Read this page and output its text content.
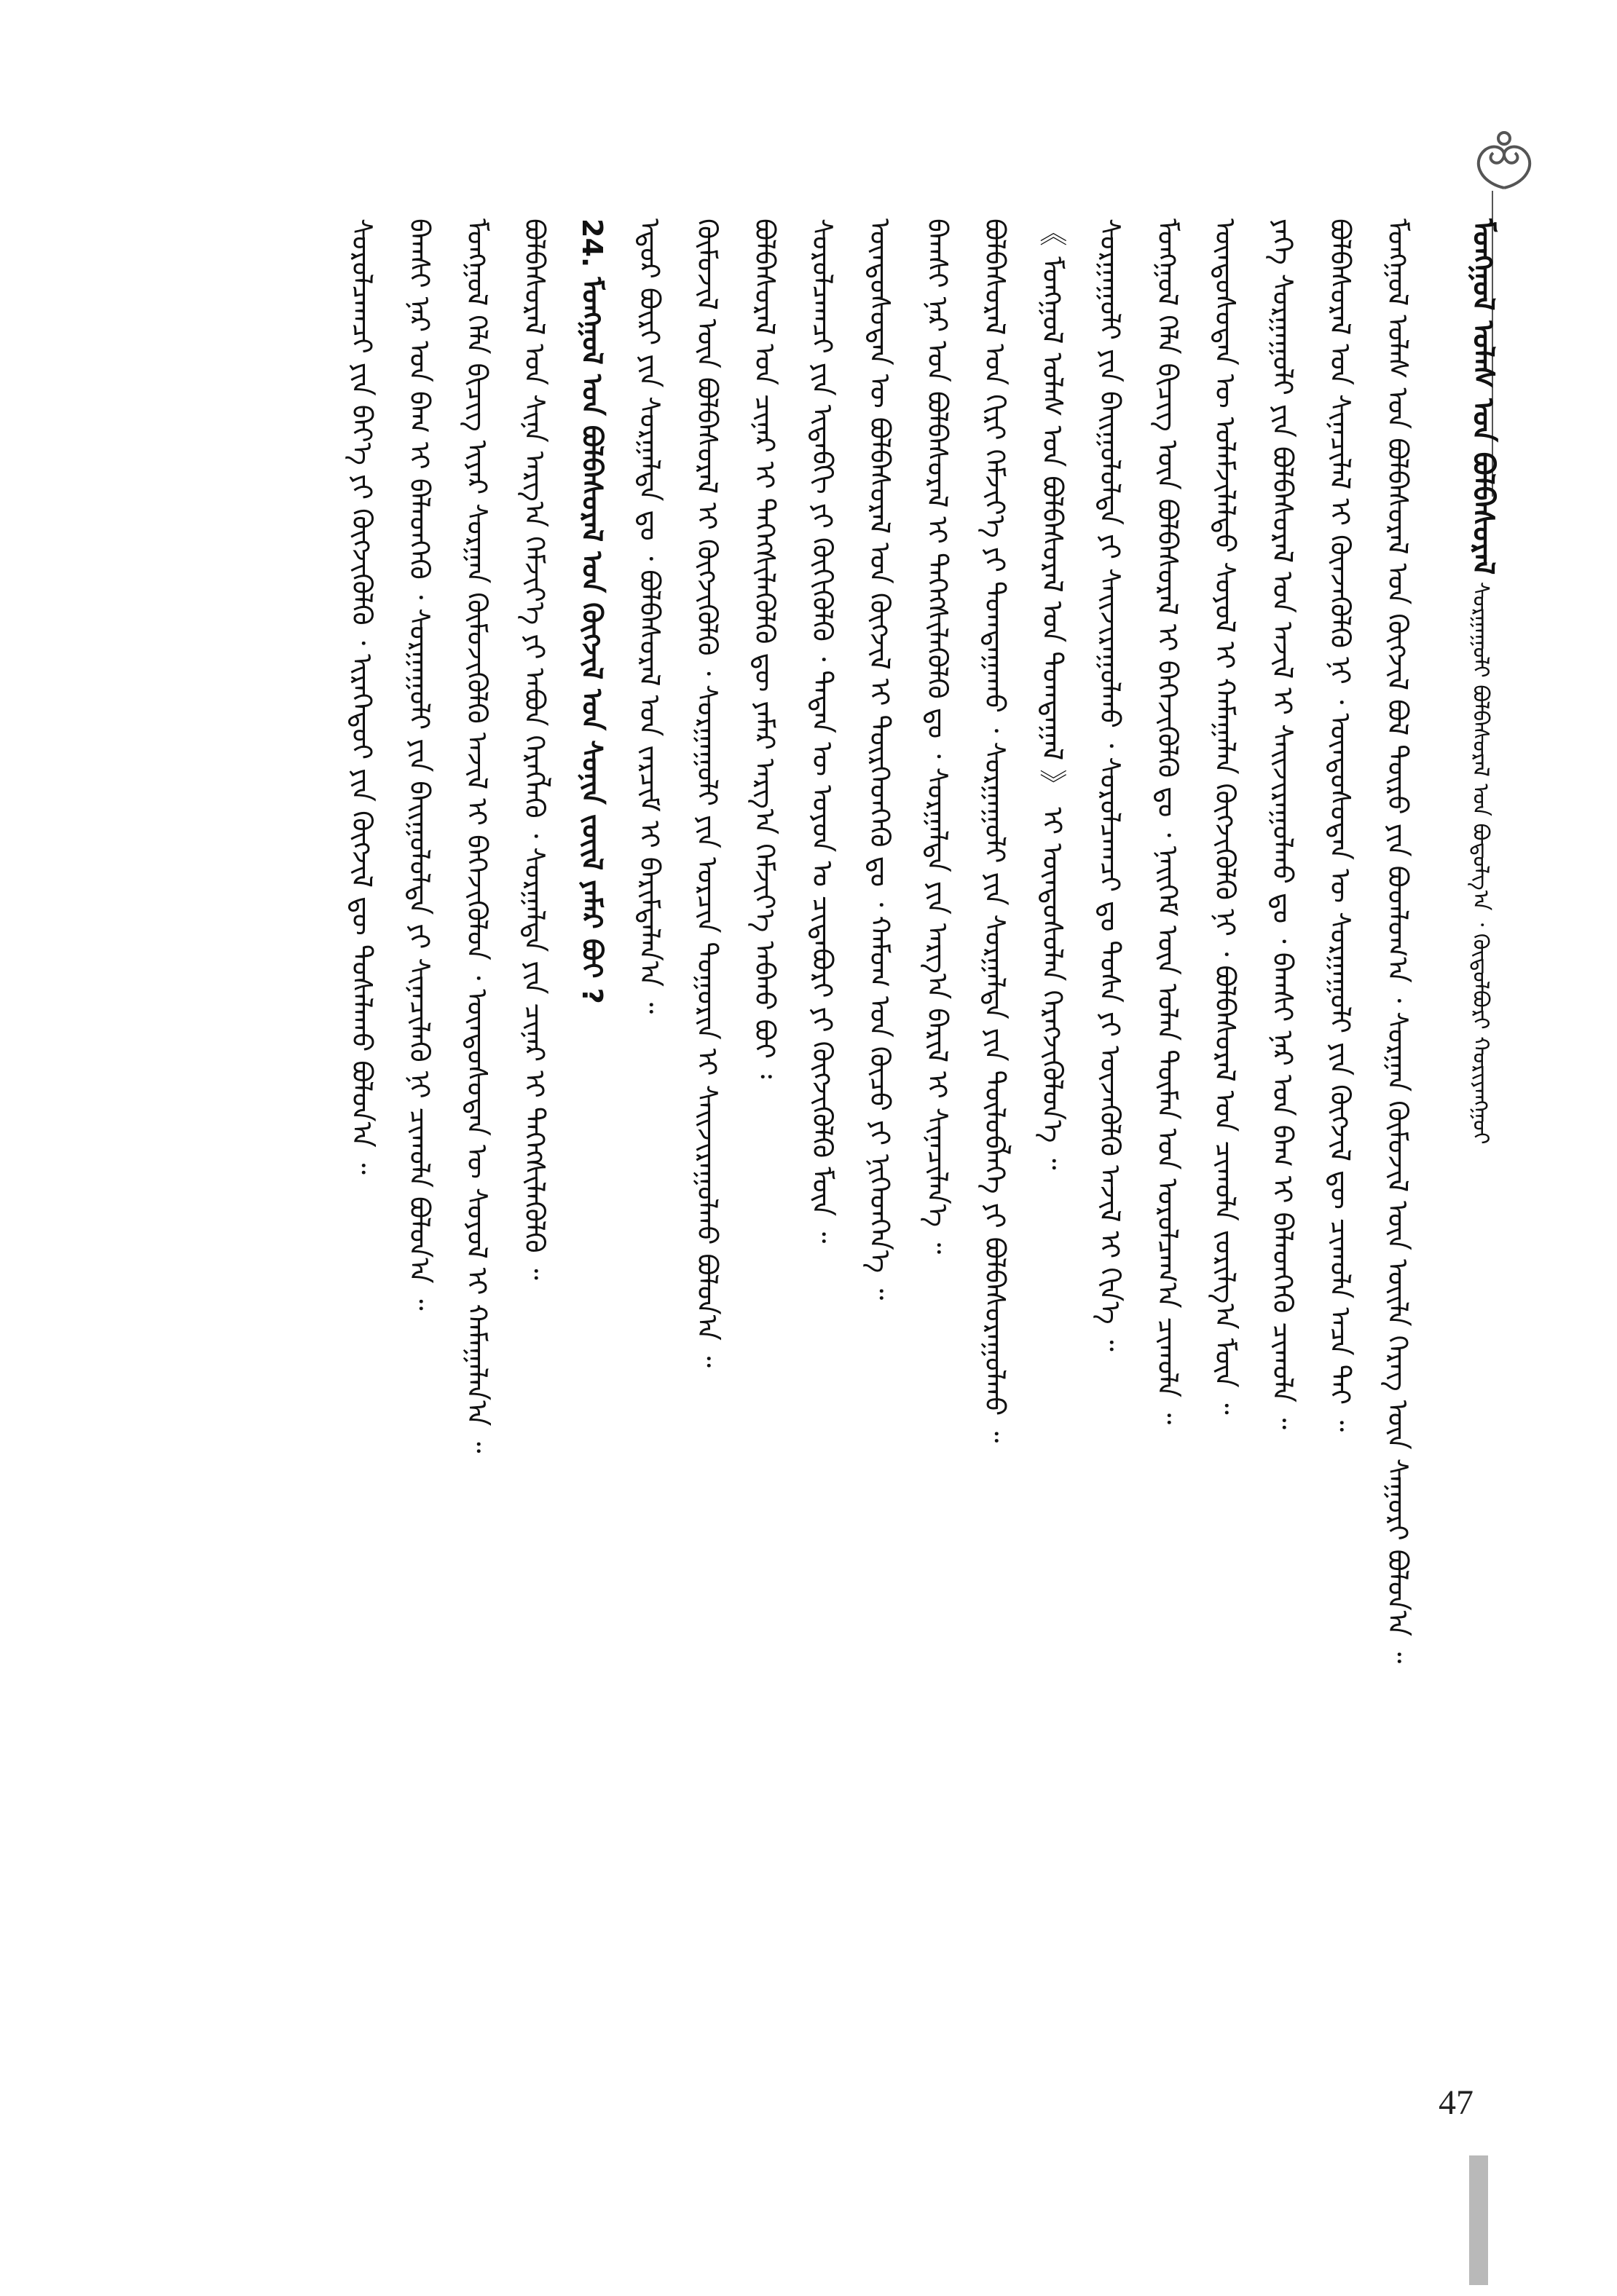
ᠮᠣᠩᠭᠣᠯ ᠤᠯᠠᠰ ᠤᠨ ᠪᠣᠯᠪᠠᠰᠤᠷᠠᠯ ᠰᠤᠷᠭᠠᠭᠤᠯᠢ ᠪᠣᠯᠪᠠᠰᠤᠷᠠᠯ ᠤᠨ ᠪᠤᠳᠤᠯᠭ᠎ᠠ ᠂ ᠬᠥᠲᠦᠯᠪᠦᠷᠢ ᠬᠤᠷᠢᠶᠠᠩᠭᠤᠢ
ᠮᠣᠩᠭᠣᠯ ᠤᠯᠠᠰ ᠤᠨ ᠪᠣᠯᠪᠠᠰᠤᠷᠠᠯ ᠤᠨ ᠬᠥᠭᠵᠢᠯ ᠪᠣᠯ ᠲᠥᠷᠦ ᠶᠢᠨ ᠪᠣᠳᠯᠣᠭ᠎ᠠ ᠂ ᠰᠤᠷᠭᠠᠨ ᠬᠦᠮᠦᠵᠢᠯ ᠦᠨ ᠦᠢᠯᠡ ᠬᠡᠷᠡᠭ ᠦᠨ ᠰᠠᠭᠤᠷᠢ ᠪᠣᠯᠤᠨ᠎ᠠ ᠃
ᠪᠣᠯᠪᠠᠰᠤᠷᠠᠯ ᠤᠨ ᠰᠢᠨᠡᠴᠢᠯᠡᠯ ᠢ ᠭᠦᠨᠵᠡᠭᠦᠯᠬᠦ ᠨᠢ ᠂ ᠦᠨᠳᠦᠰᠦᠲᠡᠨ ᠦ ᠰᠤᠷᠭᠠᠭᠤᠯᠢ ᠶᠢᠨ ᠬᠥᠭᠵᠢᠯ ᠳᠦ ᠴᠢᠬᠤᠯᠠ ᠠᠴᠠ ᠲᠠᠢ ᠃
ᠶᠡᠬᠡ ᠰᠤᠷᠭᠠᠭᠤᠯᠢ ᠶᠢᠨ ᠪᠣᠯᠪᠠᠰᠤᠷᠠᠯ ᠤᠨ ᠠᠵᠢᠯ ᠢ ᠰᠠᠢᠵᠢᠷᠠᠭᠤᠯᠬᠤ ᠳᠤ ᠂ ᠪᠠᠭᠰᠢ ᠨᠠᠷ ᠤᠨ ᠪᠠᠭ ᠢ ᠪᠡᠯᠡᠳᠬᠡᠬᠦ ᠴᠢᠬᠤᠯᠠ ᠃
ᠦᠨᠳᠦᠰᠦᠲᠡᠨ ᠦ ᠤᠯᠠᠮᠵᠢᠯᠠᠯᠲᠤ ᠰᠣᠶᠣᠯ ᠢ ᠬᠠᠮᠠᠭᠠᠯᠠᠨ ᠬᠥᠭᠵᠢᠭᠦᠯᠬᠦ ᠨᠢ ᠂ ᠪᠣᠯᠪᠠᠰᠤᠷᠠᠯ ᠤᠨ ᠴᠢᠬᠤᠯᠠ ᠵᠣᠷᠢᠯᠭ᠎ᠠ ᠮᠥᠨ ᠃
ᠮᠣᠩᠭᠣᠯ ᠬᠡᠯᠡ ᠪᠢᠴᠢᠭ ᠦᠨ ᠪᠣᠯᠪᠠᠰᠤᠷᠠᠯ ᠢ ᠪᠡᠬᠡᠵᠢᠭᠦᠯᠬᠦ ᠳᠤ ᠂ ᠨᠡᠢᠭᠡᠮ ᠦᠨ ᠣᠯᠠᠨ ᠲᠥᠮᠡᠨ ᠤᠨ ᠣᠷᠣᠯᠴᠠᠭ᠎ᠠ ᠴᠢᠬᠤᠯᠠ ᠃
ᠰᠤᠷᠭᠠᠭᠤᠯᠢ ᠶᠢᠨ ᠪᠠᠢᠭᠤᠯᠤᠯᠲᠠ ᠶᠢ ᠰᠠᠢᠵᠢᠷᠠᠭᠤᠯᠬᠤ ᠂ ᠰᠤᠷᠤᠯᠴᠠᠭᠴᠢ ᠳᠤ ᠲᠤᠰᠠ ᠶᠢ ᠦᠵᠡᠭᠦᠯᠬᠦ ᠠᠵᠢᠯ ᠢ ᠬᠢᠨ᠎ᠡ ᠃
《 ᠮᠣᠩᠭᠣᠯ ᠤᠯᠠᠰ ᠤᠨ ᠪᠣᠯᠪᠠᠰᠤᠷᠠᠯ ᠤᠨ ᠲᠣᠭᠲᠠᠭᠠᠯ 》 ᠢ ᠦᠨᠳᠦᠰᠦᠯᠡᠨ ᠬᠡᠷᠡᠭᠵᠢᠭᠦᠯᠦᠨ᠎ᠡ ᠃
ᠪᠣᠯᠪᠠᠰᠤᠷᠠᠯ ᠤᠨ ᠬᠢᠷᠢ ᠬᠡᠮᠵᠢᠶ᠎ᠡ ᠶᠢ ᠲᠣᠭᠲᠠᠭᠠᠬᠤ ᠂ ᠰᠤᠷᠭᠠᠭᠤᠯᠢ ᠶᠢᠨ ᠰᠤᠷᠭᠠᠯᠲᠠ ᠶᠢᠨ ᠲᠥᠯᠥᠪᠯᠡᠭᠡ ᠶᠢ ᠪᠣᠯᠪᠠᠰᠤᠷᠠᠭᠤᠯᠬᠤ ᠃
ᠪᠠᠭᠰᠢ ᠨᠠᠷ ᠤᠨ ᠪᠣᠯᠪᠠᠰᠤᠷᠠᠯ ᠢ ᠳᠡᠭᠡᠭᠰᠢᠯᠡᠭᠦᠯᠬᠦ ᠳᠤ ᠂ ᠰᠤᠷᠭᠠᠯᠲᠠ ᠶᠢᠨ ᠠᠷᠭ᠎ᠠ ᠪᠠᠷᠢᠯ ᠢ ᠰᠢᠨᠡᠴᠢᠯᠡᠨ᠎ᠡ ᠃
ᠦᠨᠳᠦᠰᠦᠲᠡᠨ ᠦ ᠪᠣᠯᠪᠠᠰᠤᠷᠠᠯ ᠤᠨ ᠬᠥᠭᠵᠢᠯ ᠢ ᠲᠦᠷᠭᠡᠳᠭᠡᠬᠦ ᠳᠤ ᠂ ᠬᠠᠮᠤᠭ ᠤᠨ ᠬᠦᠴᠦ ᠶᠢ ᠨᠢᠭᠡᠳᠬᠡᠨ᠎ᠡ ᠃
ᠰᠤᠷᠤᠯᠴᠠᠭᠴᠢ ᠶᠢᠨ ᠢᠳᠡᠪᠬᠢ ᠶᠢ ᠬᠥᠬᠢᠭᠦᠯᠬᠦ ᠂ ᠲᠡᠳᠡᠨ ᠦ ᠣᠶᠤᠨ ᠤ ᠴᠢᠳᠠᠪᠤᠷᠢ ᠶᠢ ᠬᠥᠭᠵᠢᠭᠦᠯᠬᠦ ᠮᠥᠨ ᠃
ᠪᠣᠯᠪᠠᠰᠤᠷᠠᠯ ᠤᠨ ᠴᠢᠨᠠᠷ ᠢ ᠳᠡᠭᠡᠭᠰᠢᠯᠡᠭᠦᠯᠬᠦ ᠳᠦ ᠶᠠᠮᠠᠷ ᠠᠷᠭ᠎ᠠ ᠬᠡᠮᠵᠢᠶ᠎ᠡ ᠠᠪᠬᠤ ᠪᠤᠢ ᠄
ᠬᠦᠮᠦᠵᠢᠯ ᠦᠨ ᠪᠣᠯᠪᠠᠰᠤᠷᠠᠯ ᠢ ᠬᠥᠭᠵᠢᠭᠦᠯᠬᠦ ᠂ ᠰᠤᠷᠭᠠᠭᠤᠯᠢ ᠶᠢᠨ ᠣᠷᠴᠢᠨ ᠲᠣᠭᠣᠷᠢᠨ ᠢ ᠰᠠᠢᠵᠢᠷᠠᠭᠤᠯᠬᠤ ᠪᠣᠯᠤᠨ᠎ᠠ ᠃
ᠡᠳᠦᠷ ᠪᠦᠷᠢ ᠶᠢᠨ ᠰᠤᠷᠭᠠᠯᠲᠠ ᠳᠤ ᠂ ᠪᠣᠯᠪᠠᠰᠤᠷᠠᠯ ᠤᠨ ᠵᠠᠷᠴᠢᠮ ᠢ ᠪᠠᠷᠢᠮᠲᠠᠯᠠᠨ᠎ᠠ ᠃
24. ᠮᠣᠩᠭᠣᠯ ᠤᠨ ᠪᠣᠯᠪᠠᠰᠤᠷᠠᠯ ᠤᠨ ᠬᠥᠭᠵᠢᠯ ᠤᠨ ᠰᠣᠨᠢᠨ ᠵᠦᠢᠯ ᠶᠠᠮᠠᠷ ᠪᠤᠢ ?
ᠪᠣᠯᠪᠠᠰᠤᠷᠠᠯ ᠤᠨ ᠰᠢᠨᠡ ᠠᠷᠭ᠎ᠠ ᠬᠡᠮᠵᠢᠶ᠎ᠡ ᠶᠢ ᠠᠪᠤᠨ ᠬᠡᠷᠡᠭᠯᠡᠬᠦ ᠂ ᠰᠤᠷᠭᠠᠯᠲᠠ ᠶᠢᠨ ᠴᠢᠨᠠᠷ ᠢ ᠳᠡᠭᠡᠭᠰᠢᠯᠡᠭᠦᠯᠬᠦ ᠃
ᠮᠣᠩᠭᠣᠯ ᠬᠡᠯᠡ ᠪᠢᠴᠢᠭ ᠢᠶᠡᠷ ᠰᠤᠷᠭᠠᠨ ᠬᠦᠮᠦᠵᠢᠭᠦᠯᠬᠦ ᠠᠵᠢᠯ ᠢ ᠪᠡᠬᠡᠵᠢᠭᠦᠯᠦᠨ ᠂ ᠦᠨᠳᠦᠰᠦᠲᠡᠨ ᠦ ᠰᠣᠶᠣᠯ ᠢ ᠬᠠᠮᠠᠭᠠᠯᠠᠨ᠎ᠠ ᠃
ᠪᠠᠭᠰᠢ ᠨᠠᠷ ᠤᠨ ᠪᠠᠭ ᠢ ᠪᠡᠯᠡᠳᠬᠡᠬᠦ ᠂ ᠰᠤᠷᠭᠠᠭᠤᠯᠢ ᠶᠢᠨ ᠪᠠᠢᠭᠤᠯᠤᠯᠲᠠ ᠶᠢ ᠰᠢᠨᠡᠴᠢᠯᠡᠬᠦ ᠨᠢ ᠴᠢᠬᠤᠯᠠ ᠪᠣᠯᠤᠨ᠎ᠠ ᠃
ᠰᠤᠷᠤᠯᠴᠠᠭᠴᠢ ᠶᠢᠨ ᠪᠡᠶ᠎ᠡ ᠶᠢ ᠬᠥᠭᠵᠢᠭᠦᠯᠬᠦ ᠂ ᠢᠷᠡᠭᠡᠳᠦᠢ ᠶᠢᠨ ᠬᠥᠭᠵᠢᠯ ᠳᠦ ᠲᠤᠰᠠᠯᠠᠬᠤ ᠪᠣᠯᠤᠨ᠎ᠠ ᠃
47
